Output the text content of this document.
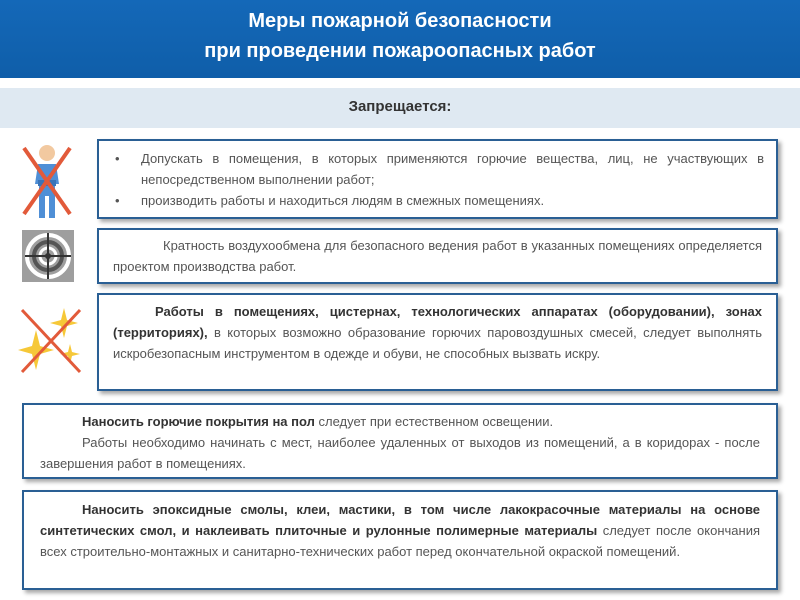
Меры пожарной безопасности
при проведении пожароопасных работ
Запрещается:
• Допускать в помещения, в которых применяются горючие вещества, лиц, не участвующих в непосредственном выполнении работ;
• производить работы и находиться людям в смежных помещениях.
Кратность воздухообмена для безопасного ведения работ в указанных помещениях определяется проектом производства работ.
Работы в помещениях, цистернах, технологических аппаратах (оборудовании), зонах (территориях), в которых возможно образование горючих паровоздушных смесей, следует выполнять искробезопасным инструментом в одежде и обуви, не способных вызвать искру.
Наносить горючие покрытия на пол следует при естественном освещении.
Работы необходимо начинать с мест, наиболее удаленных от выходов из помещений, а в коридорах - после завершения работ в помещениях.
Наносить эпоксидные смолы, клеи, мастики, в том числе лакокрасочные материалы на основе синтетических смол, и наклеивать плиточные и рулонные полимерные материалы следует после окончания всех строительно-монтажных и санитарно-технических работ перед окончательной окраской помещений.
